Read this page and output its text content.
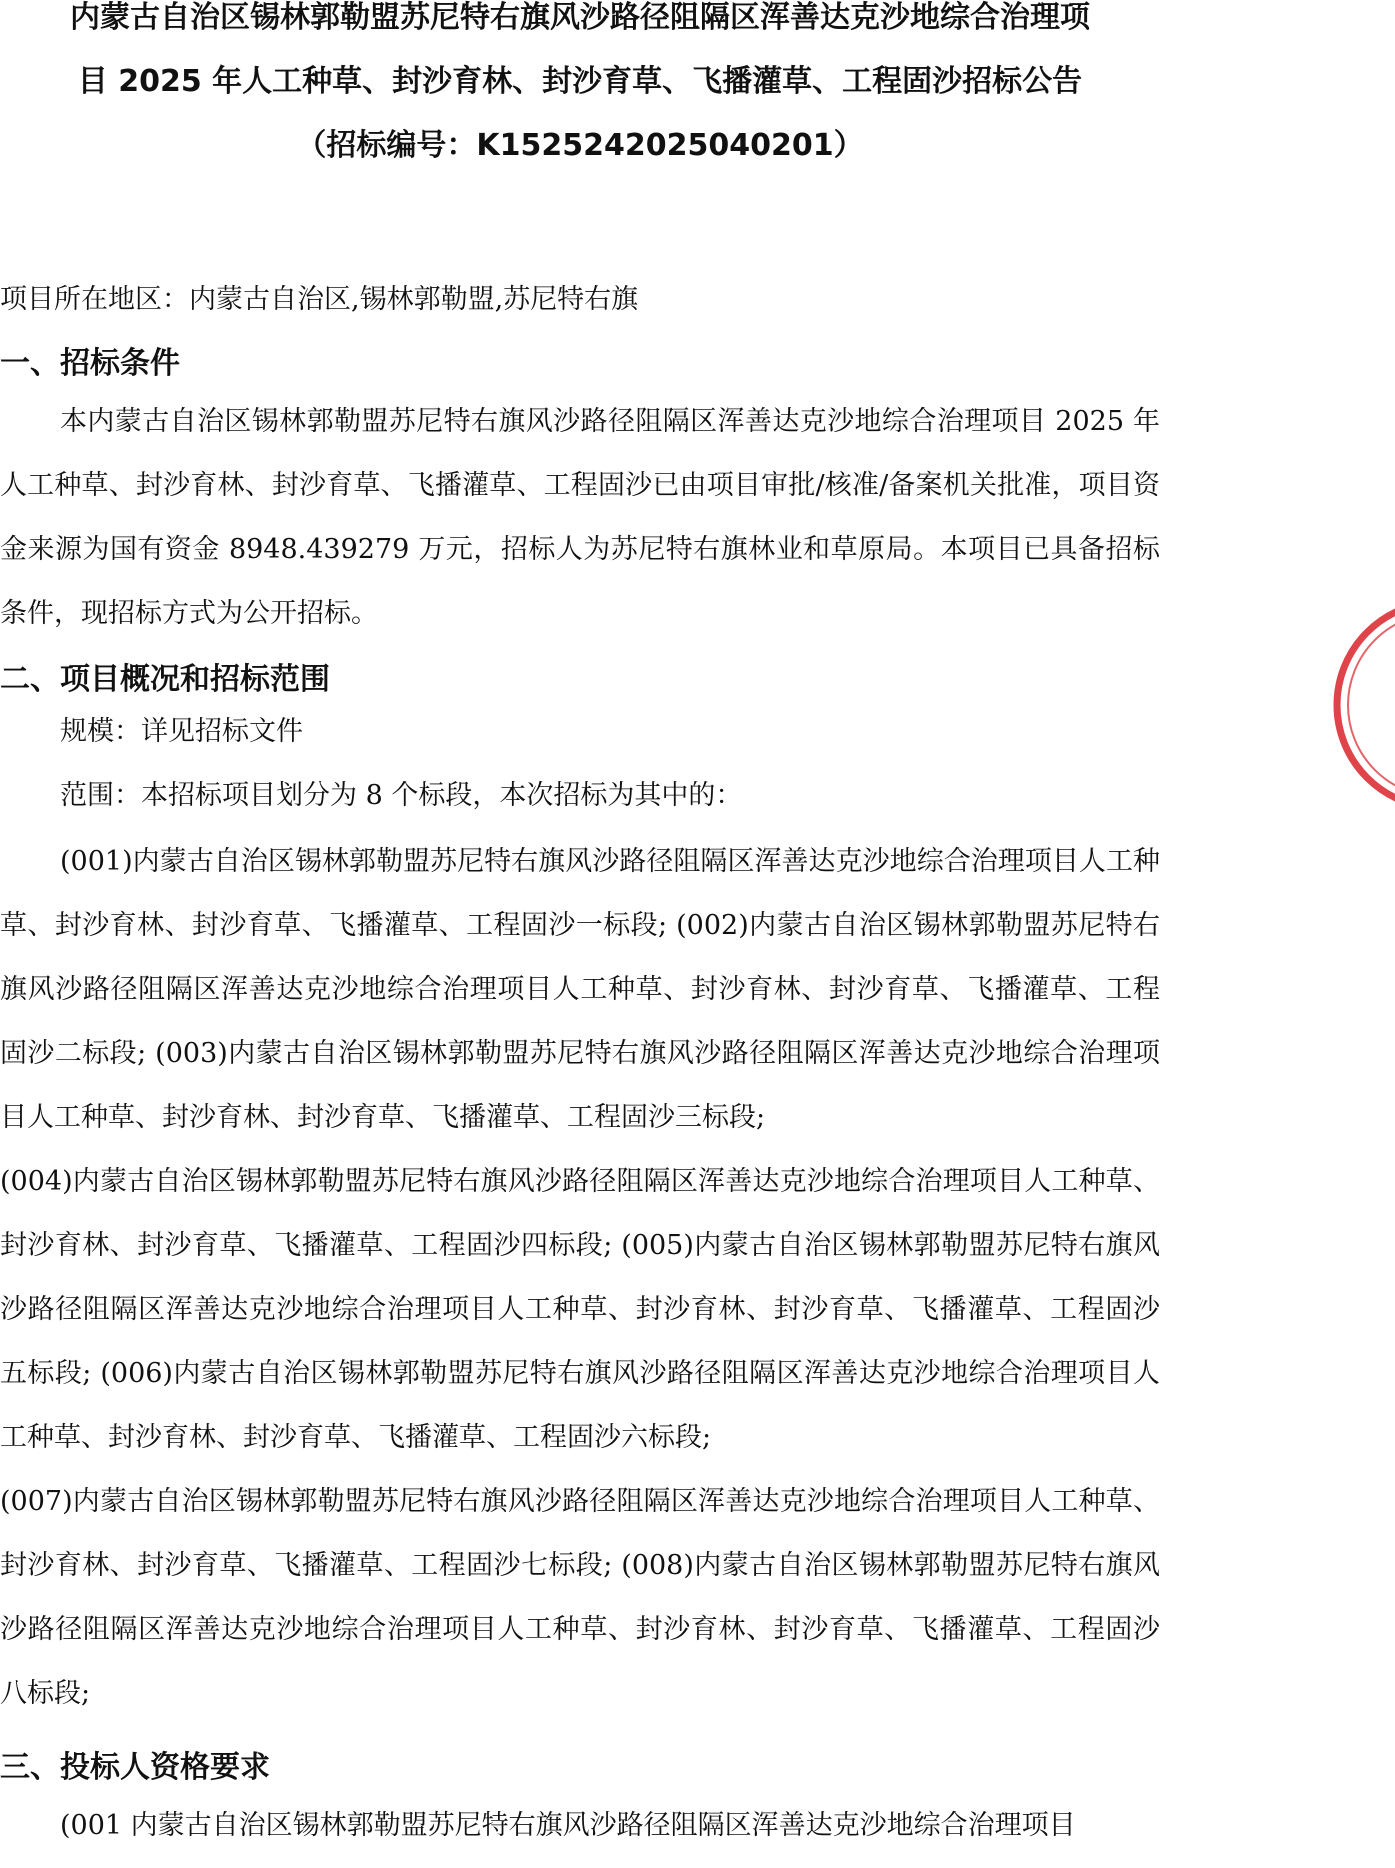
内蒙古自治区锡林郭勒盟苏尼特右旗风沙路径阻隔区浑善达克沙地综合治理项
目 2025 年人工种草、封沙育林、封沙育草、飞播灌草、工程固沙招标公告
（招标编号：K1525242025040201）

项目所在地区：内蒙古自治区,锡林郭勒盟,苏尼特右旗

一、招标条件

本内蒙古自治区锡林郭勒盟苏尼特右旗风沙路径阻隔区浑善达克沙地综合治理项目 2025 年人工种草、封沙育林、封沙育草、飞播灌草、工程固沙已由项目审批/核准/备案机关批准，项目资金来源为国有资金 8948.439279 万元，招标人为苏尼特右旗林业和草原局。本项目已具备招标条件，现招标方式为公开招标。

二、项目概况和招标范围

规模：详见招标文件

范围：本招标项目划分为 8 个标段，本次招标为其中的：

(001)内蒙古自治区锡林郭勒盟苏尼特右旗风沙路径阻隔区浑善达克沙地综合治理项目人工种草、封沙育林、封沙育草、飞播灌草、工程固沙一标段; (002)内蒙古自治区锡林郭勒盟苏尼特右旗风沙路径阻隔区浑善达克沙地综合治理项目人工种草、封沙育林、封沙育草、飞播灌草、工程固沙二标段; (003)内蒙古自治区锡林郭勒盟苏尼特右旗风沙路径阻隔区浑善达克沙地综合治理项目人工种草、封沙育林、封沙育草、飞播灌草、工程固沙三标段;

(004)内蒙古自治区锡林郭勒盟苏尼特右旗风沙路径阻隔区浑善达克沙地综合治理项目人工种草、封沙育林、封沙育草、飞播灌草、工程固沙四标段; (005)内蒙古自治区锡林郭勒盟苏尼特右旗风沙路径阻隔区浑善达克沙地综合治理项目人工种草、封沙育林、封沙育草、飞播灌草、工程固沙五标段; (006)内蒙古自治区锡林郭勒盟苏尼特右旗风沙路径阻隔区浑善达克沙地综合治理项目人工种草、封沙育林、封沙育草、飞播灌草、工程固沙六标段;

(007)内蒙古自治区锡林郭勒盟苏尼特右旗风沙路径阻隔区浑善达克沙地综合治理项目人工种草、封沙育林、封沙育草、飞播灌草、工程固沙七标段; (008)内蒙古自治区锡林郭勒盟苏尼特右旗风沙路径阻隔区浑善达克沙地综合治理项目人工种草、封沙育林、封沙育草、飞播灌草、工程固沙八标段;

三、投标人资格要求

(001 内蒙古自治区锡林郭勒盟苏尼特右旗风沙路径阻隔区浑善达克沙地综合治理项目
